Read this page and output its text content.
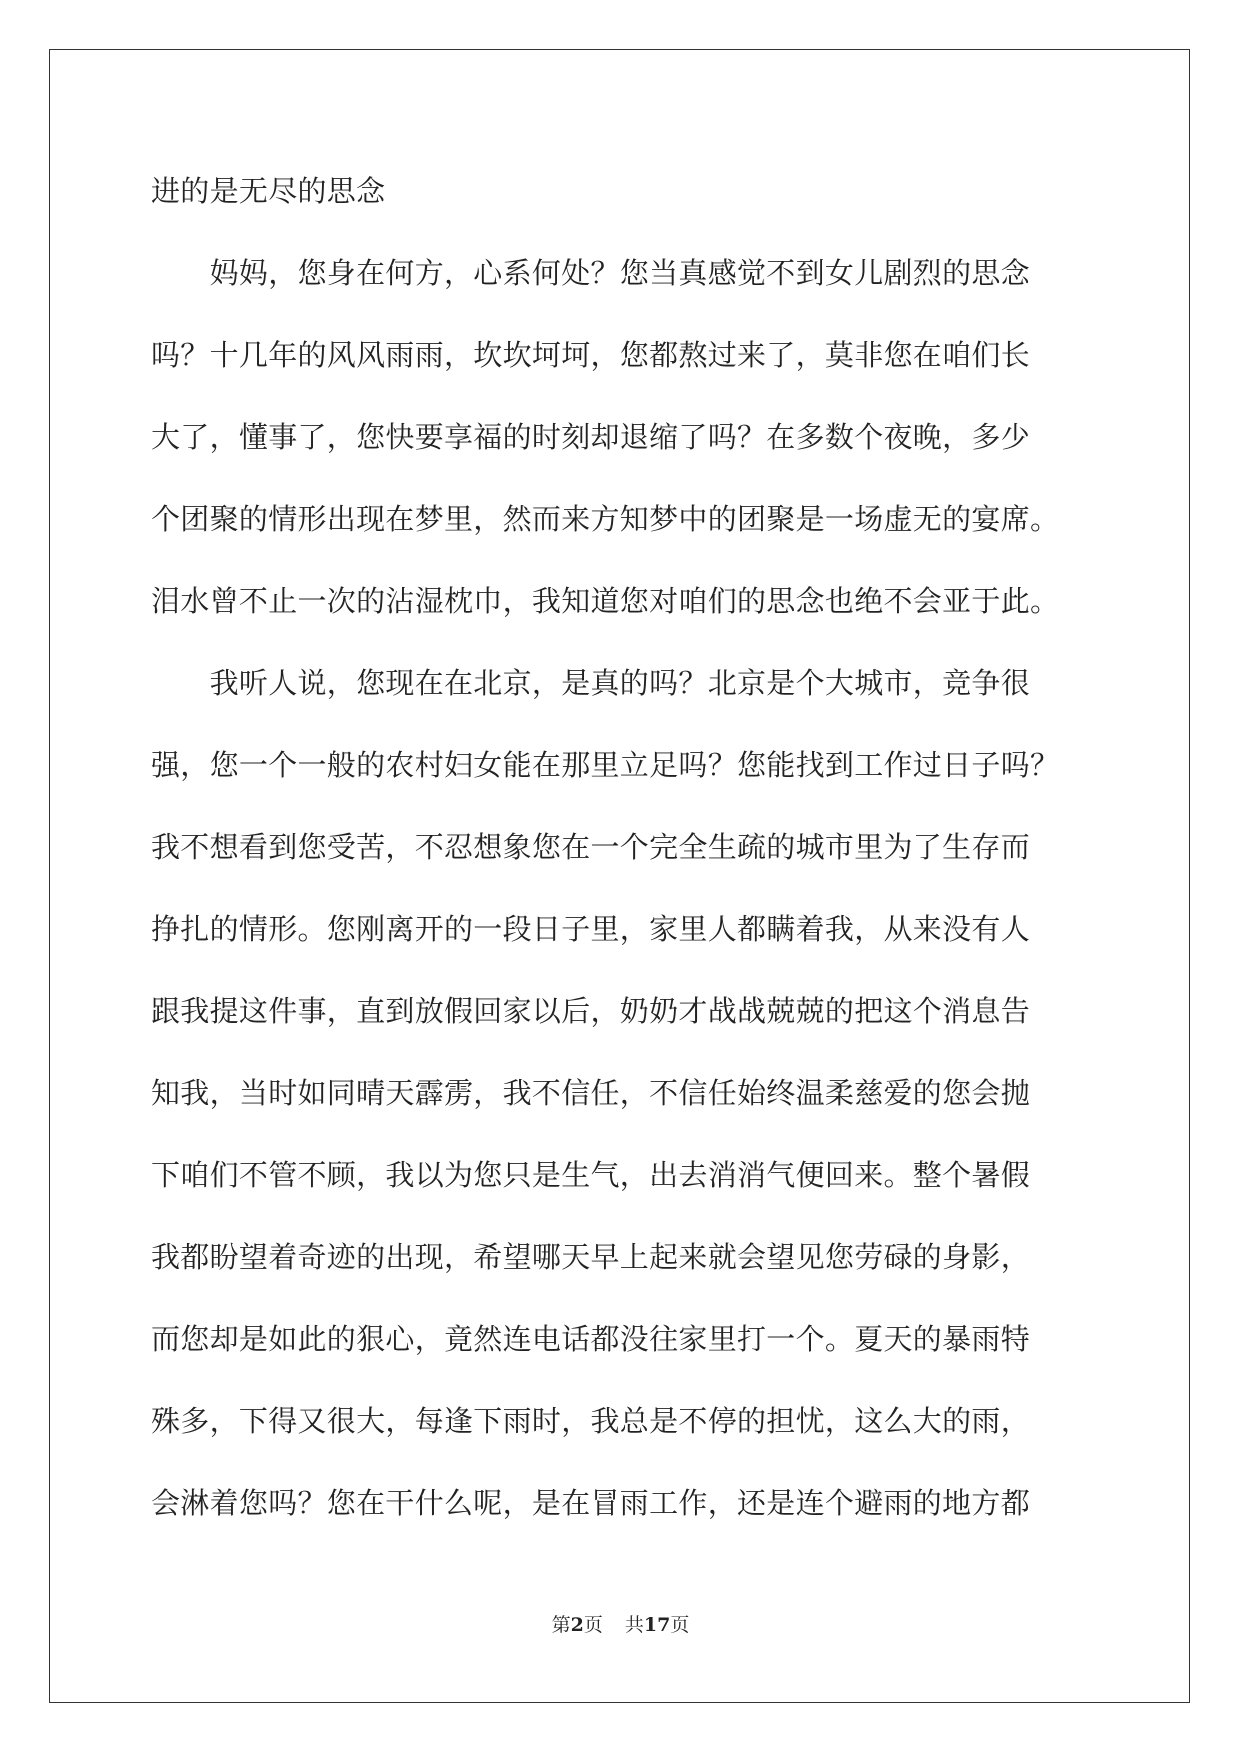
进的是无尽的思念
　　妈妈，您身在何方，心系何处？您当真感觉不到女儿剧烈的思念
吗？十几年的风风雨雨，坎坎坷坷，您都熬过来了，莫非您在咱们长
大了，懂事了，您快要享福的时刻却退缩了吗？在多数个夜晚，多少
个团聚的情形出现在梦里，然而来方知梦中的团聚是一场虚无的宴席。
泪水曾不止一次的沾湿枕巾，我知道您对咱们的思念也绝不会亚于此。
　　我听人说，您现在在北京，是真的吗？北京是个大城市，竞争很
强，您一个一般的农村妇女能在那里立足吗？您能找到工作过日子吗？
我不想看到您受苦，不忍想象您在一个完全生疏的城市里为了生存而
挣扎的情形。您刚离开的一段日子里，家里人都瞒着我，从来没有人
跟我提这件事，直到放假回家以后，奶奶才战战兢兢的把这个消息告
知我，当时如同晴天霹雳，我不信任，不信任始终温柔慈爱的您会抛
下咱们不管不顾，我以为您只是生气，出去消消气便回来。整个暑假
我都盼望着奇迹的出现，希望哪天早上起来就会望见您劳碌的身影，
而您却是如此的狠心，竟然连电话都没往家里打一个。夏天的暴雨特
殊多，下得又很大，每逢下雨时，我总是不停的担忧，这么大的雨，
会淋着您吗？您在干什么呢，是在冒雨工作，还是连个避雨的地方都
第2页 共17页
